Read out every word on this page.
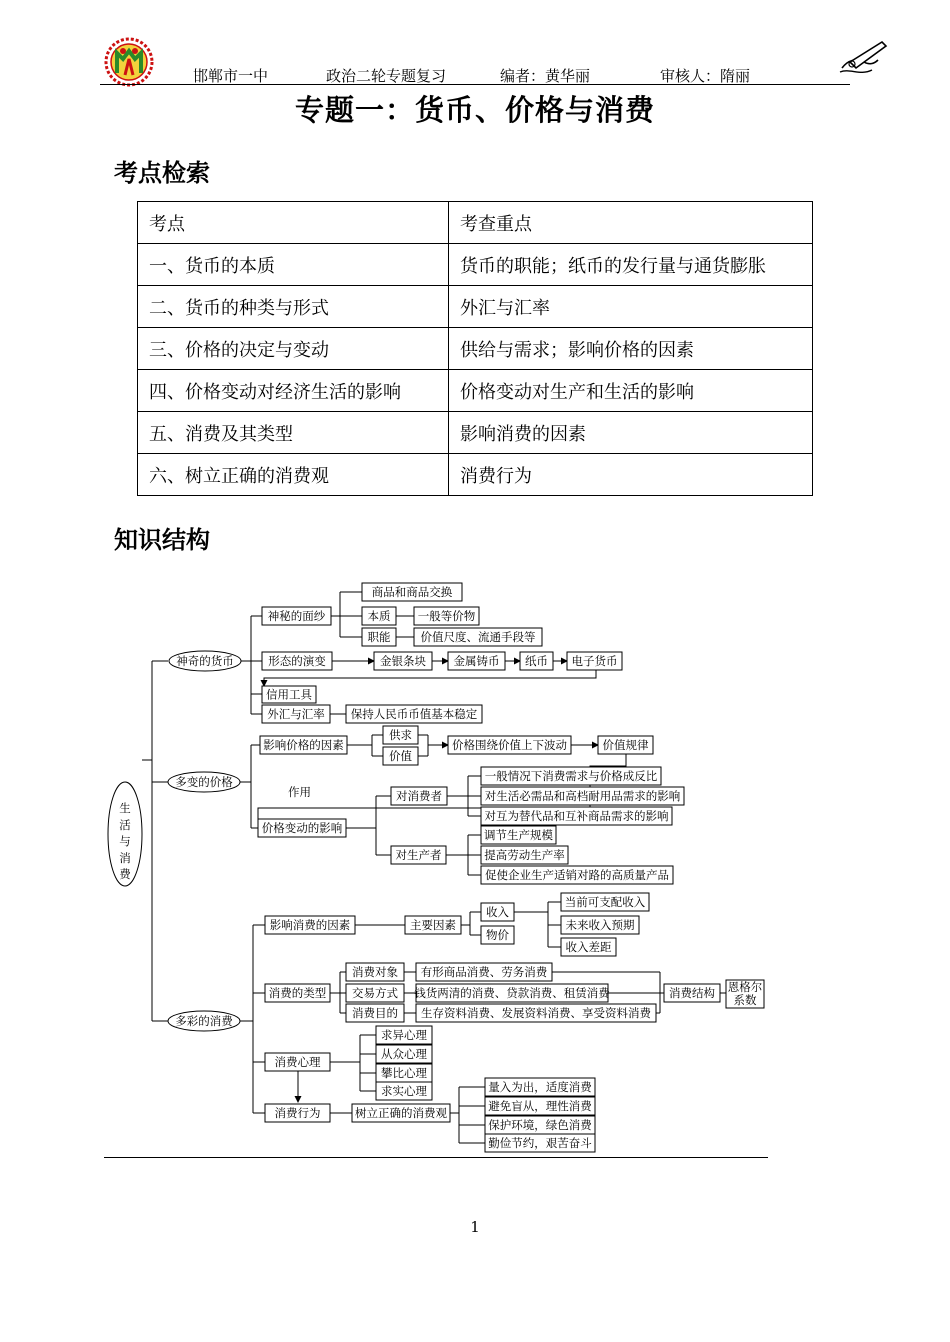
邯郸市一中	政治二轮专题复习	编者：黄华丽	审核人：隋丽
专题一：货币、价格与消费
考点检索
考点	考查重点
一、货币的本质	货币的职能；纸币的发行量与通货膨胀
二、货币的种类与形式	外汇与汇率
三、价格的决定与变动	供给与需求；影响价格的因素
四、价格变动对经济生活的影响	价格变动对生产和生活的影响
五、消费及其类型	影响消费的因素
六、树立正确的消费观	消费行为
知识结构
生
活
与
消
费
神奇的货币
多变的价格
多彩的消费
神秘的面纱
商品和商品交换
本质 一般等价物
职能	价值尺度、流通手段等
形态的演变	金银条块 金属铸币 纸币 电子货币
信用工具
外汇与汇率 保持人民币币值基本稳定
影响价格的因素
供求
价值
价格围绕价值上下波动	价值规律
价格变动的影响
对消费者
一般情况下消费需求与价格成反比
对生活必需品和高档耐用品需求的影响
对互为替代品和互补商品需求的影响
对生产者
调节生产规模
提高劳动生产率
促使企业生产适销对路的高质量产品
影响消费的因素	主要因素
收入
物价
当前可支配收入
未来收入预期
收入差距
消费的类型
消费对象
交易方式
消费目的
有形商品消费、劳务消费
钱货两清的消费、贷款消费、租赁消费
生存资料消费、发展资料消费、享受资料消费
消费结构
消费心理
求异心理
从众心理
攀比心理
求实心理
消费行为	树立正确的消费观
量入为出，适度消费
避免盲从，理性消费
保护环境，绿色消费
勤俭节约，艰苦奋斗
恩格尔
系数
作用
1
